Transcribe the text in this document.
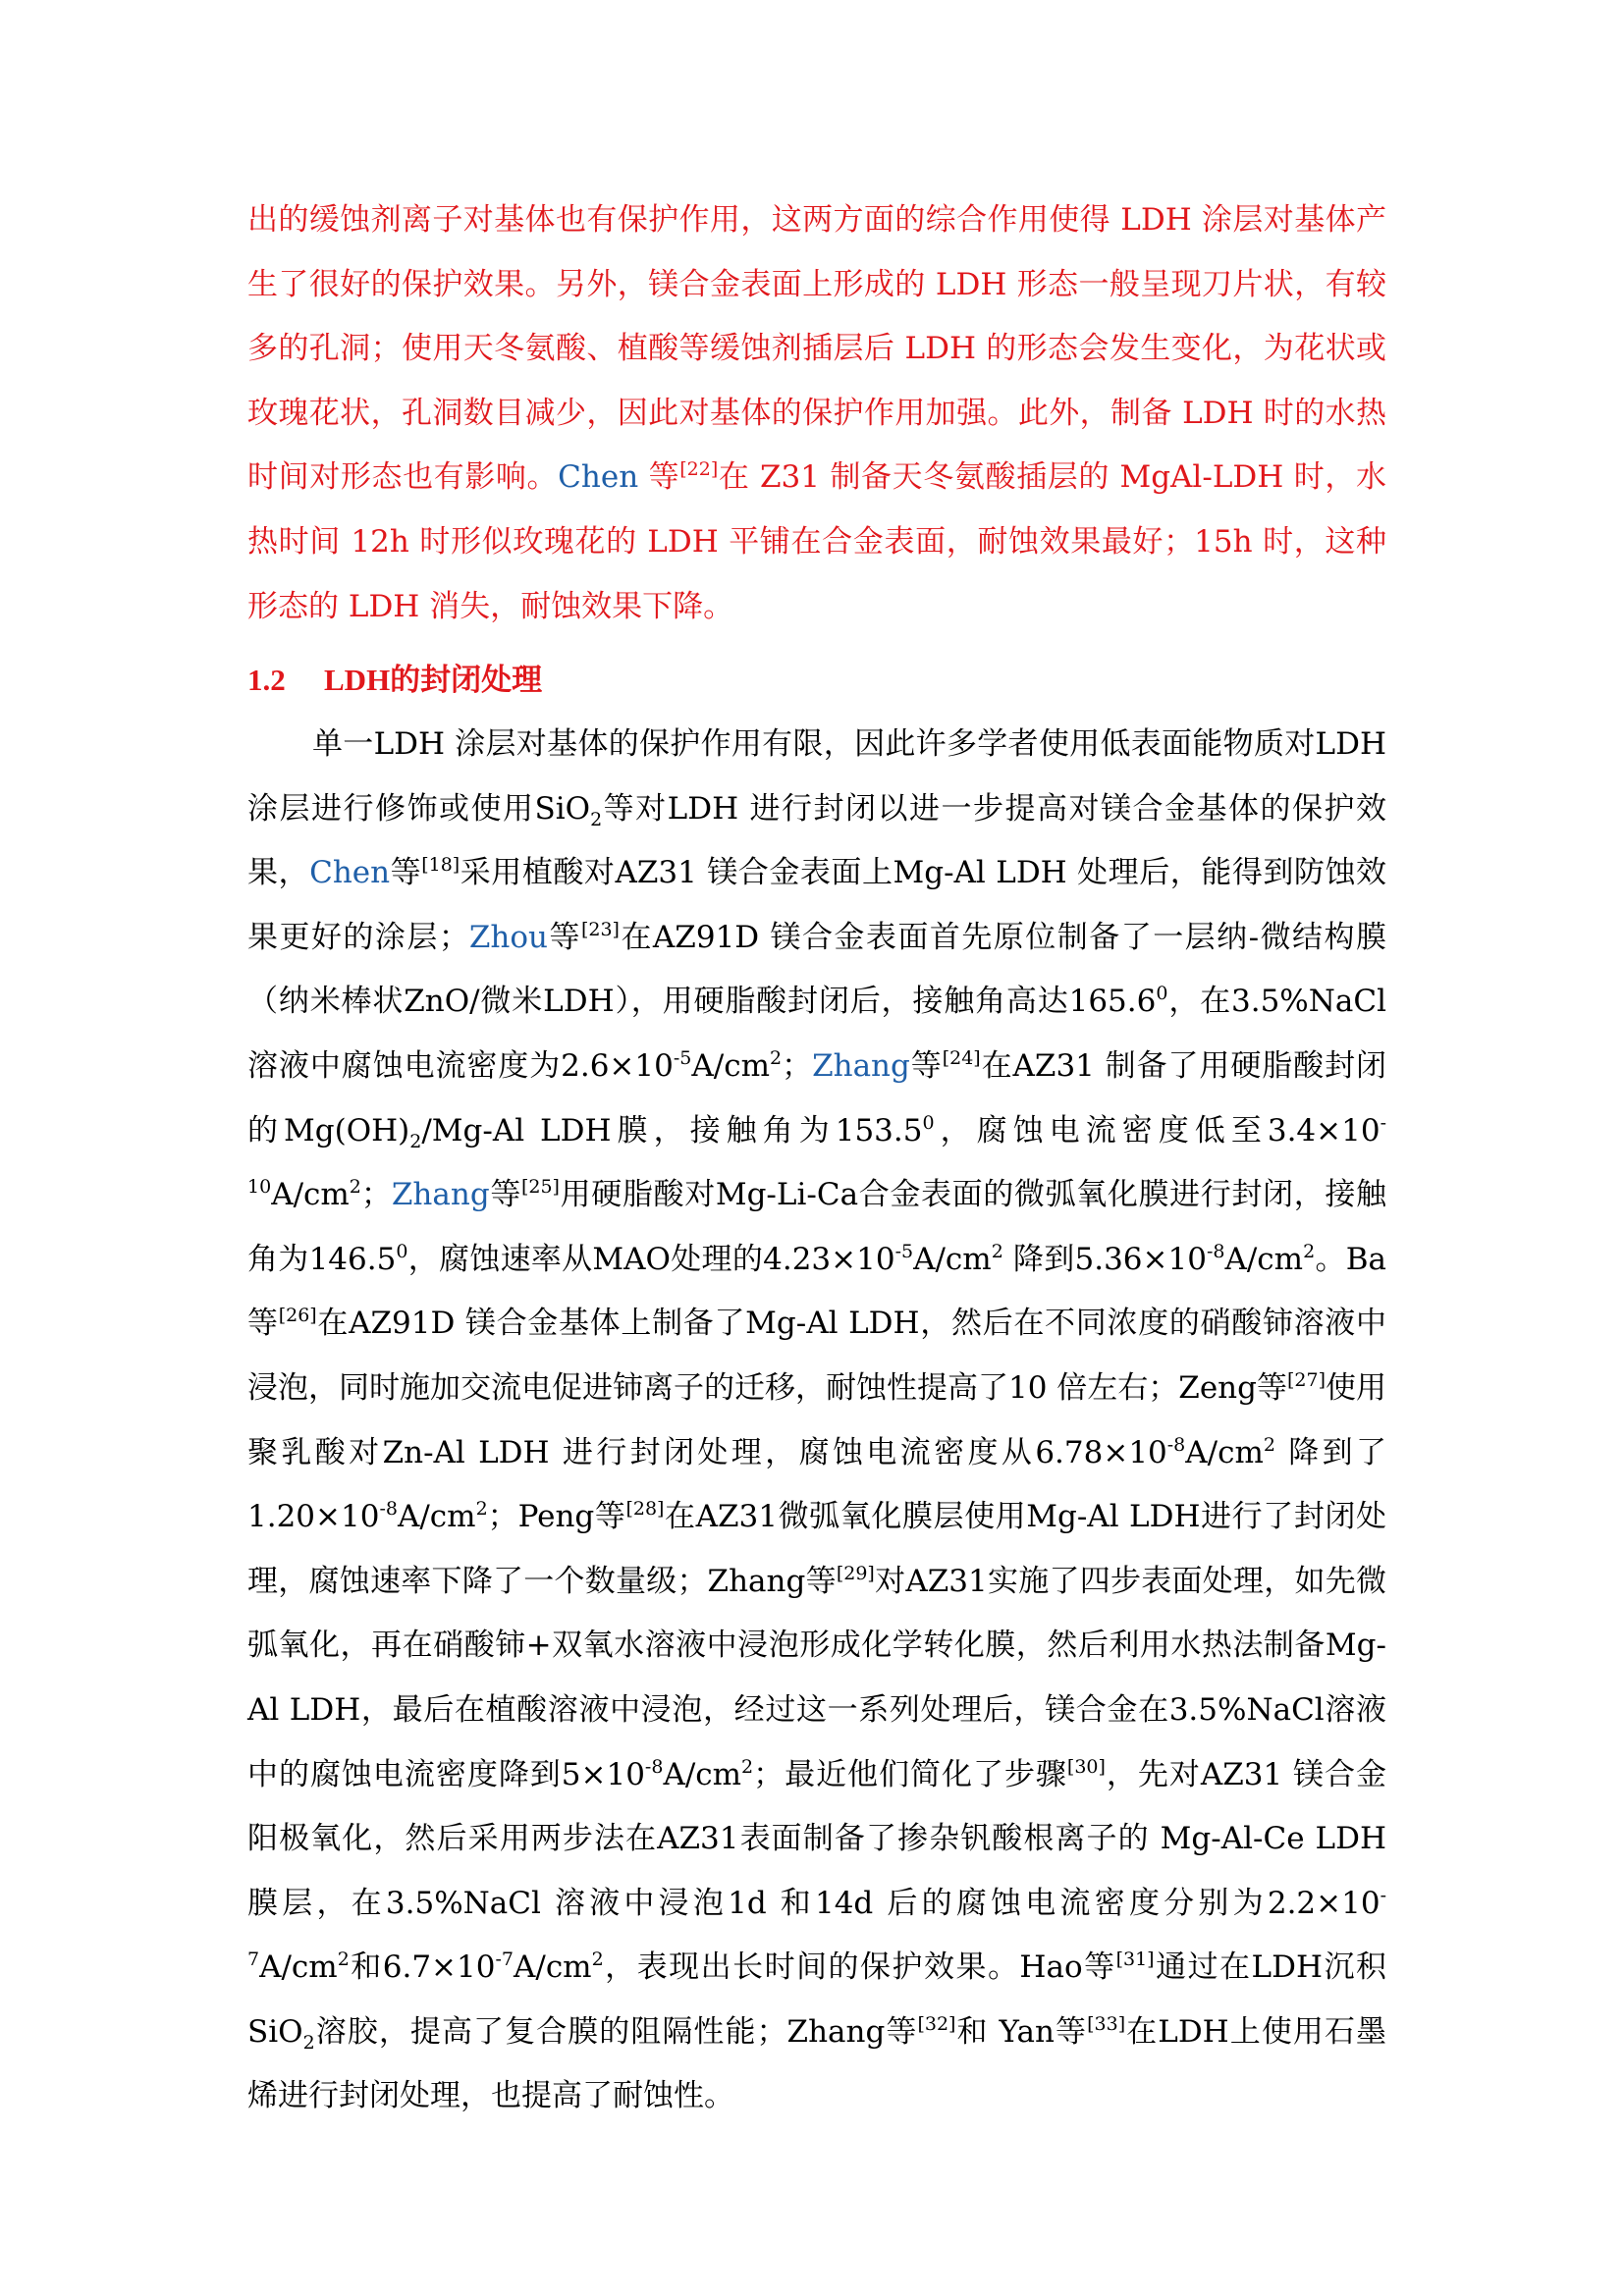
出的缓蚀剂离子对基体也有保护作用，这两方面的综合作用使得 LDH 涂层对基体产生了很好的保护效果。另外，镁合金表面上形成的 LDH 形态一般呈现刀片状，有较多的孔洞；使用天冬氨酸、植酸等缓蚀剂插层后 LDH 的形态会发生变化，为花状或玫瑰花状，孔洞数目减少，因此对基体的保护作用加强。此外，制备 LDH 时的水热时间对形态也有影响。Chen 等[22]在 Z31 制备天冬氨酸插层的 MgAl-LDH 时，水热时间 12h 时形似玫瑰花的 LDH 平铺在合金表面，耐蚀效果最好；15h 时，这种形态的 LDH 消失，耐蚀效果下降。

1.2 LDH的封闭处理

单一LDH 涂层对基体的保护作用有限，因此许多学者使用低表面能物质对LDH 涂层进行修饰或使用SiO$_2$等对LDH 进行封闭以进一步提高对镁合金基体的保护效果，Chen等[18]采用植酸对AZ31 镁合金表面上Mg-Al LDH 处理后，能得到防蚀效果更好的涂层；Zhou等[23]在AZ91D 镁合金表面首先原位制备了一层纳-微结构膜（纳米棒状ZnO/微米LDH），用硬脂酸封闭后，接触角高达165.6$^0$，在3.5%NaCl 溶液中腐蚀电流密度为$2.6\times 10^{-5}A/cm^2$；Zhang等[24]在AZ31 制备了用硬脂酸封闭的$Mg(OH)_2/Mg-Al$ LDH膜，接触角为153.5$^0$，腐蚀电流密度低至$3.4\times 10^{-10}A/cm^2$；Zhang等[25]用硬脂酸对Mg-Li-Ca合金表面的微弧氧化膜进行封闭，接触角为146.5$^0$，腐蚀速率从MAO处理的$4.23\times 10^{-5}A/cm^2$ 降到$5.36\times 10^{-8}A/cm^2$。Ba等[26]在AZ91D 镁合金基体上制备了Mg-Al LDH，然后在不同浓度的硝酸铈溶液中浸泡，同时施加交流电促进铈离子的迁移，耐蚀性提高了10 倍左右；Zeng等[27]使用聚乳酸对Zn-Al LDH 进行封闭处理，腐蚀电流密度从$6.78\times 10^{-8}A/cm^2$ 降到了$1.20\times 10^{-8}A/cm^2$；Peng等[28]在AZ31微弧氧化膜层使用Mg-Al LDH进行了封闭处理，腐蚀速率下降了一个数量级；Zhang等[29]对AZ31实施了四步表面处理，如先微弧氧化，再在硝酸铈+双氧水溶液中浸泡形成化学转化膜，然后利用水热法制备Mg-Al LDH，最后在植酸溶液中浸泡，经过这一系列处理后，镁合金在3.5%NaCl溶液中的腐蚀电流密度降到$5\times 10^{-8}A/cm^2$；最近他们简化了步骤[30]，先对AZ31 镁合金阳极氧化，然后采用两步法在AZ31表面制备了掺杂钒酸根离子的 Mg-Al-Ce LDH 膜层，在3.5%NaCl 溶液中浸泡1d 和14d 后的腐蚀电流密度分别为$2.2\times 10^{-7}A/cm^2$和$6.7\times 10^{-7}A/cm^2$，表现出长时间的保护效果。Hao等[31]通过在LDH沉积SiO$_2$溶胶，提高了复合膜的阻隔性能；Zhang等[32]和 Yan等[33]在LDH上使用石墨烯进行封闭处理，也提高了耐蚀性。
